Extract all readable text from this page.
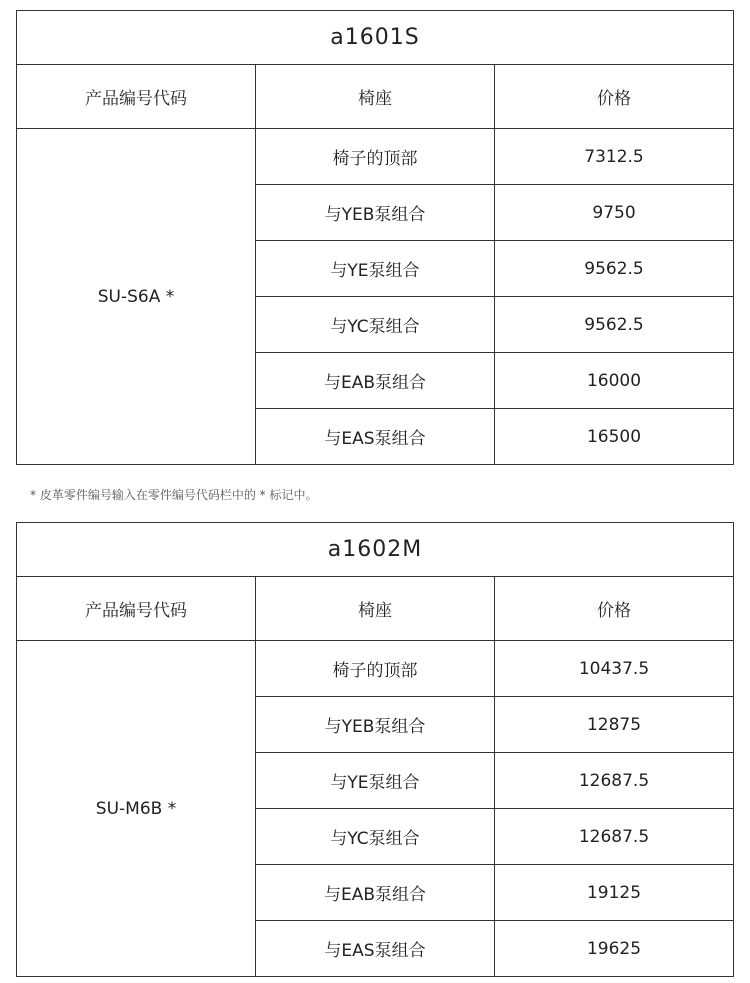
a1601S		
产品编号代码	椅座	价格
SU-S6A *	椅子的顶部	7312.5
	与YEB泵组合	9750
	与YE泵组合	9562.5
	与YC泵组合	9562.5
	与EAB泵组合	16000
	与EAS泵组合	16500
* 皮革零件编号输入在零件编号代码栏中的 * 标记中。
a1602M		
产品编号代码	椅座	价格
SU-M6B *	椅子的顶部	10437.5
	与YEB泵组合	12875
	与YE泵组合	12687.5
	与YC泵组合	12687.5
	与EAB泵组合	19125
	与EAS泵组合	19625
